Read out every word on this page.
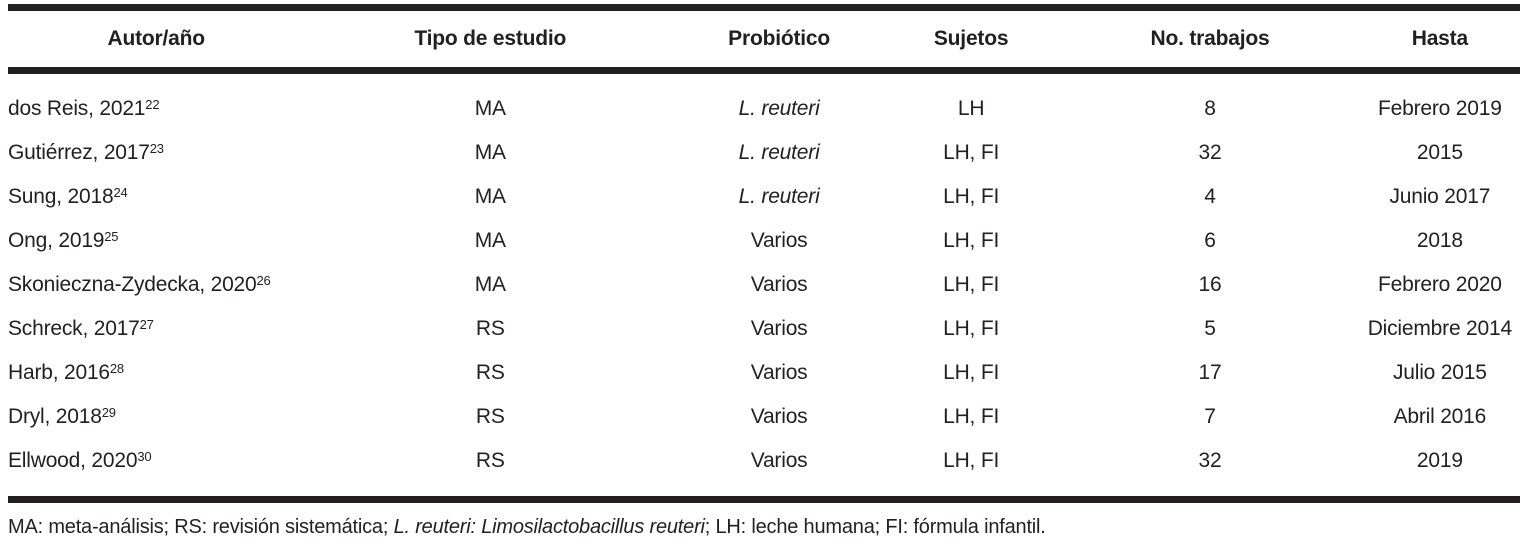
Autor/año	Tipo de estudio	Probiótico	Sujetos	No. trabajos	Hasta
dos Reis, 2021$^{22}$	MA	L. reuteri	LH	8	Febrero 2019
Gutiérrez, 2017$^{23}$	MA	L. reuteri	LH, FI	32	2015
Sung, 2018$^{24}$	MA	L. reuteri	LH, FI	4	Junio 2017
Ong, 2019$^{25}$	MA	Varios	LH, FI	6	2018
Skonieczna-Zydecka, 2020$^{26}$	MA	Varios	LH, FI	16	Febrero 2020
Schreck, 2017$^{27}$	RS	Varios	LH, FI	5	Diciembre 2014
Harb, 2016$^{28}$	RS	Varios	LH, FI	17	Julio 2015
Dryl, 2018$^{29}$	RS	Varios	LH, FI	7	Abril 2016
Ellwood, 2020$^{30}$	RS	Varios	LH, FI	32	2019
MA: meta-análisis; RS: revisión sistemática; L. reuteri: Limosilactobacillus reuteri; LH: leche humana; FI: fórmula infantil.
